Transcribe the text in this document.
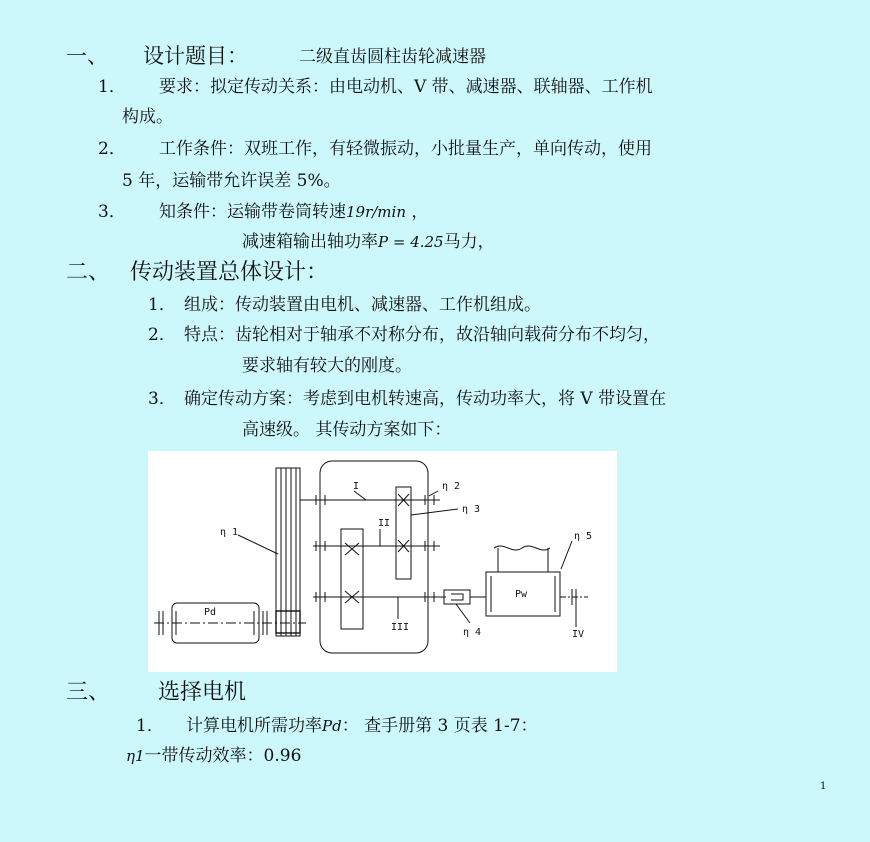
一、 设计题目：	二级直齿圆柱齿轮减速器
1． 要求：拟定传动关系：由电动机、V 带、减速器、联轴器、工作机
构成。
2． 工作条件：双班工作，有轻微振动，小批量生产，单向传动，使用
5 年，运输带允许误差 5%。
3． 知条件：运输带卷筒转速19r/min ，
减速箱输出轴功率P = 4.25马力，
二、 传动装置总体设计：
1． 组成：传动装置由电机、减速器、工作机组成。
2． 特点：齿轮相对于轴承不对称分布，故沿轴向载荷分布不均匀，
要求轴有较大的刚度。
3． 确定传动方案：考虑到电机转速高，传动功率大，将 V 带设置在
高速级。 其传动方案如下：
Pd
Pw
I
II
III
IV
η 1
η 2
η 3
η 4
η 5
三、 选择电机
1． 计算电机所需功率Pd： 查手册第 3 页表 1-7：
η1一带传动效率：0.96
1
